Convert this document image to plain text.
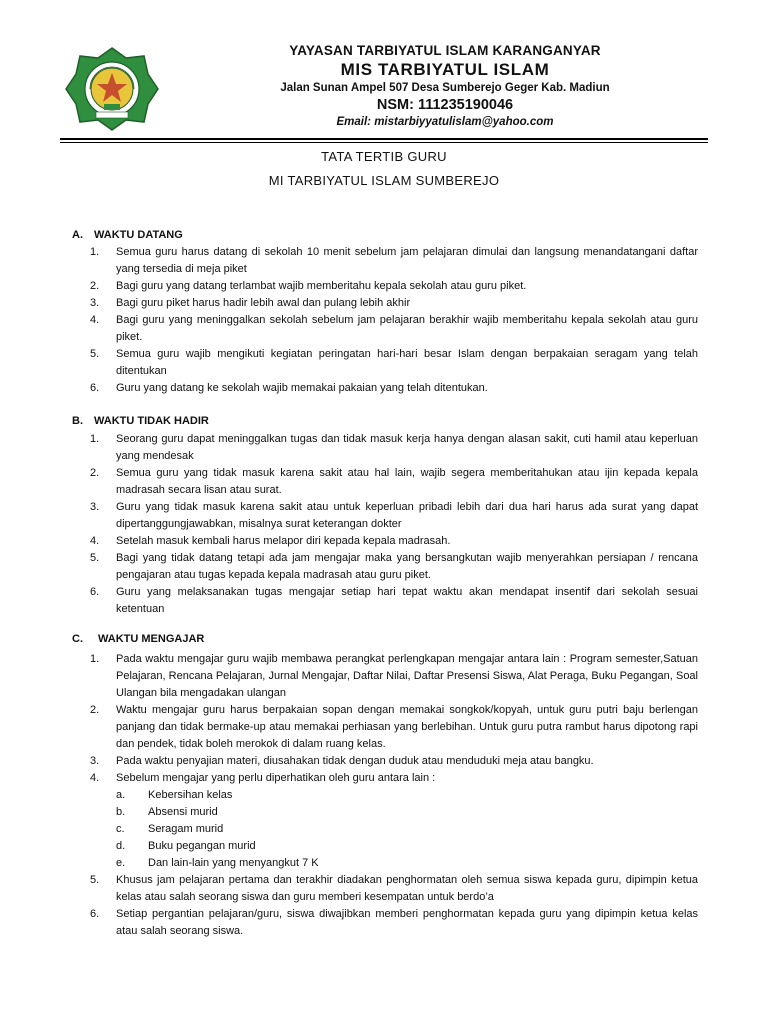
YAYASAN TARBIYATUL ISLAM KARANGANYAR
MIS TARBIYATUL ISLAM
Jalan Sunan Ampel 507 Desa Sumberejo Geger Kab. Madiun
NSM: 111235190046
Email: mistarbiyyatulislam@yahoo.com
TATA TERTIB GURU
MI TARBIYATUL ISLAM SUMBEREJO
A. WAKTU DATANG
1.	Semua guru harus datang di sekolah 10 menit sebelum jam pelajaran dimulai dan langsung menandatangani daftar yang tersedia di meja piket
2.	Bagi guru yang datang terlambat wajib memberitahu kepala sekolah atau guru piket.
3.	Bagi guru piket harus hadir lebih awal dan pulang lebih akhir
4.	Bagi guru yang meninggalkan sekolah sebelum jam pelajaran berakhir wajib memberitahu kepala sekolah atau guru piket.
5.	Semua guru wajib mengikuti kegiatan peringatan hari-hari besar Islam dengan berpakaian seragam yang telah ditentukan
6.	Guru yang datang ke sekolah wajib memakai pakaian yang telah ditentukan.
B. WAKTU TIDAK HADIR
1.	Seorang guru dapat meninggalkan tugas dan tidak masuk kerja hanya dengan alasan sakit, cuti hamil atau keperluan yang mendesak
2.	Semua guru yang tidak masuk karena sakit atau hal lain, wajib segera memberitahukan atau ijin kepada kepala madrasah secara lisan atau surat.
3.	Guru yang tidak masuk karena sakit atau untuk keperluan pribadi lebih dari dua hari harus ada surat yang dapat dipertanggungjawabkan, misalnya surat keterangan dokter
4.	Setelah masuk kembali harus melapor diri kepada kepala madrasah.
5.	Bagi yang tidak datang tetapi ada jam mengajar maka yang bersangkutan wajib menyerahkan persiapan / rencana pengajaran atau tugas kepada kepala madrasah atau guru piket.
6.	Guru yang melaksanakan tugas mengajar setiap hari tepat waktu akan mendapat insentif dari sekolah sesuai ketentuan
C. WAKTU MENGAJAR
1.	Pada waktu mengajar guru wajib membawa perangkat perlengkapan mengajar antara lain : Program semester,Satuan Pelajaran, Rencana Pelajaran, Jurnal Mengajar, Daftar Nilai, Daftar Presensi Siswa, Alat Peraga, Buku Pegangan, Soal Ulangan bila mengadakan ulangan
2.	Waktu mengajar guru harus berpakaian sopan dengan memakai songkok/kopyah, untuk guru putri baju berlengan panjang dan tidak bermake-up atau memakai perhiasan yang berlebihan. Untuk guru putra rambut harus dipotong rapi dan pendek, tidak boleh merokok di dalam ruang kelas.
3.	Pada waktu penyajian materi, diusahakan tidak dengan duduk atau menduduki meja atau bangku.
4.	Sebelum mengajar yang perlu diperhatikan oleh guru antara lain :
a. Kebersihan kelas
b. Absensi murid
c. Seragam murid
d. Buku pegangan murid
e. Dan lain-lain yang menyangkut 7 K
5.	Khusus jam pelajaran pertama dan terakhir diadakan penghormatan oleh semua siswa kepada guru, dipimpin ketua kelas atau salah seorang siswa dan guru memberi kesempatan untuk berdo’a
6.	Setiap pergantian pelajaran/guru, siswa diwajibkan memberi penghormatan kepada guru yang dipimpin ketua kelas atau salah seorang siswa.
